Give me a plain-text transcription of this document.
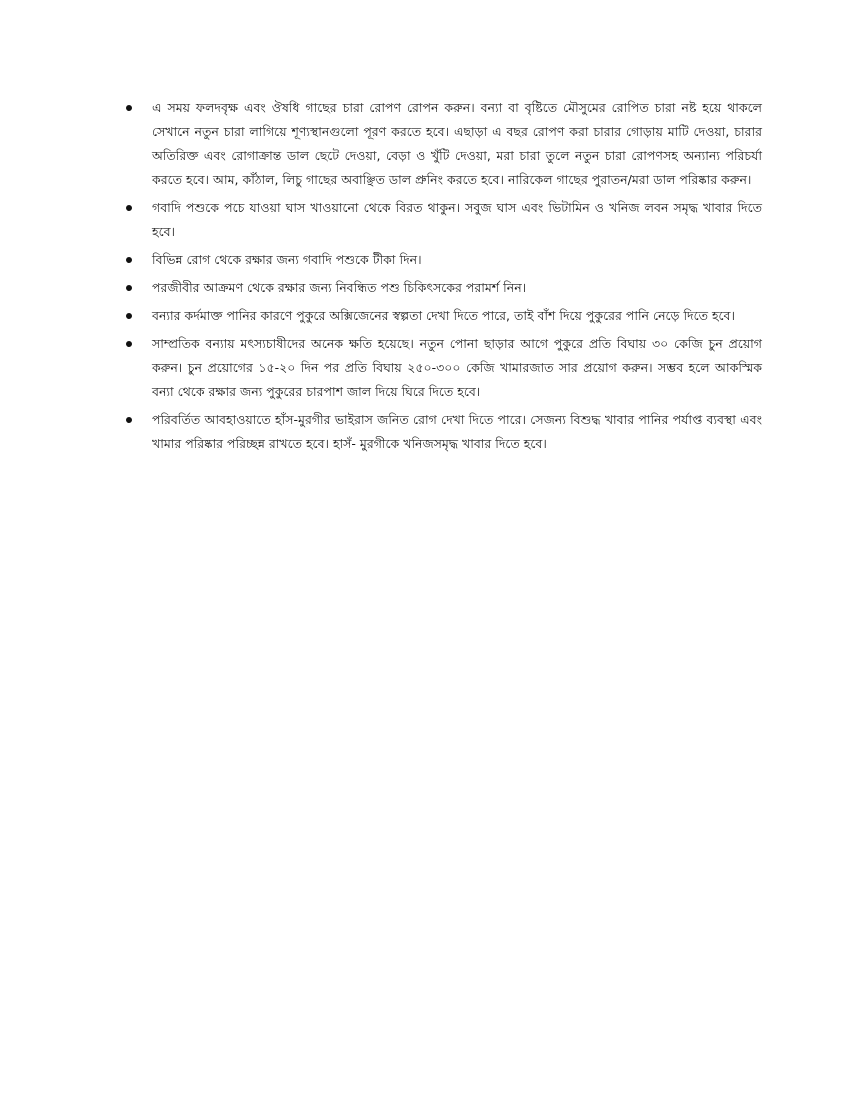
এ সময় ফলদবৃক্ষ এবং ঔষধি গাছের চারা রোপণ রোপন করুন। বন্যা বা বৃষ্টিতে মৌসুমের রোপিত চারা নষ্ট হয়ে থাকলে সেখানে নতুন চারা লাগিয়ে শূণ্যস্থানগুলো পূরণ করতে হবে। এছাড়া এ বছর রোপণ করা চারার গোড়ায় মাটি দেওয়া, চারার অতিরিক্ত এবং রোগাক্রান্ত ডাল ছেটে দেওয়া, বেড়া ও খুঁটি দেওয়া, মরা চারা তুলে নতুন চারা রোপণসহ অন্যান্য পরিচর্যা করতে হবে। আম, কাঁঠাল, লিচু গাছের অবাঞ্ছিত ডাল প্রুনিং করতে হবে। নারিকেল গাছের পুরাতন/মরা ডাল পরিষ্কার করুন।
গবাদি পশুকে পচে যাওয়া ঘাস খাওয়ানো থেকে বিরত থাকুন। সবুজ ঘাস এবং ভিটামিন ও খনিজ লবন সমৃদ্ধ খাবার দিতে হবে।
বিভিন্ন রোগ থেকে রক্ষার জন্য গবাদি পশুকে টীকা দিন।
পরজীবীর আক্রমণ থেকে রক্ষার জন্য নিবন্ধিত পশু চিকিৎসকের পরামর্শ নিন।
বন্যার কর্দমাক্ত পানির কারণে পুকুরে অক্সিজেনের স্বল্পতা দেখা দিতে পারে, তাই বাঁশ দিয়ে পুকুরের পানি নেড়ে দিতে হবে।
সাম্প্রতিক বন্যায় মৎস্যচাষীদের অনেক ক্ষতি হয়েছে। নতুন পোনা ছাড়ার আগে পুকুরে প্রতি বিঘায় ৩০ কেজি চুন প্রয়োগ করুন। চুন প্রয়োগের ১৫-২০ দিন পর প্রতি বিঘায় ২৫০-৩০০ কেজি খামারজাত সার প্রয়োগ করুন। সম্ভব হলে আকস্মিক বন্যা থেকে রক্ষার জন্য পুকুরের চারপাশ জাল দিয়ে ঘিরে দিতে হবে।
পরিবর্তিত আবহাওয়াতে হাঁস-মুরগীর ভাইরাস জনিত রোগ দেখা দিতে পারে। সেজন্য বিশুদ্ধ খাবার পানির পর্যাপ্ত ব্যবস্থা এবং খামার পরিষ্কার পরিচ্ছন্ন রাখতে হবে। হাসঁ- মুরগীকে খনিজসমৃদ্ধ খাবার দিতে হবে।
